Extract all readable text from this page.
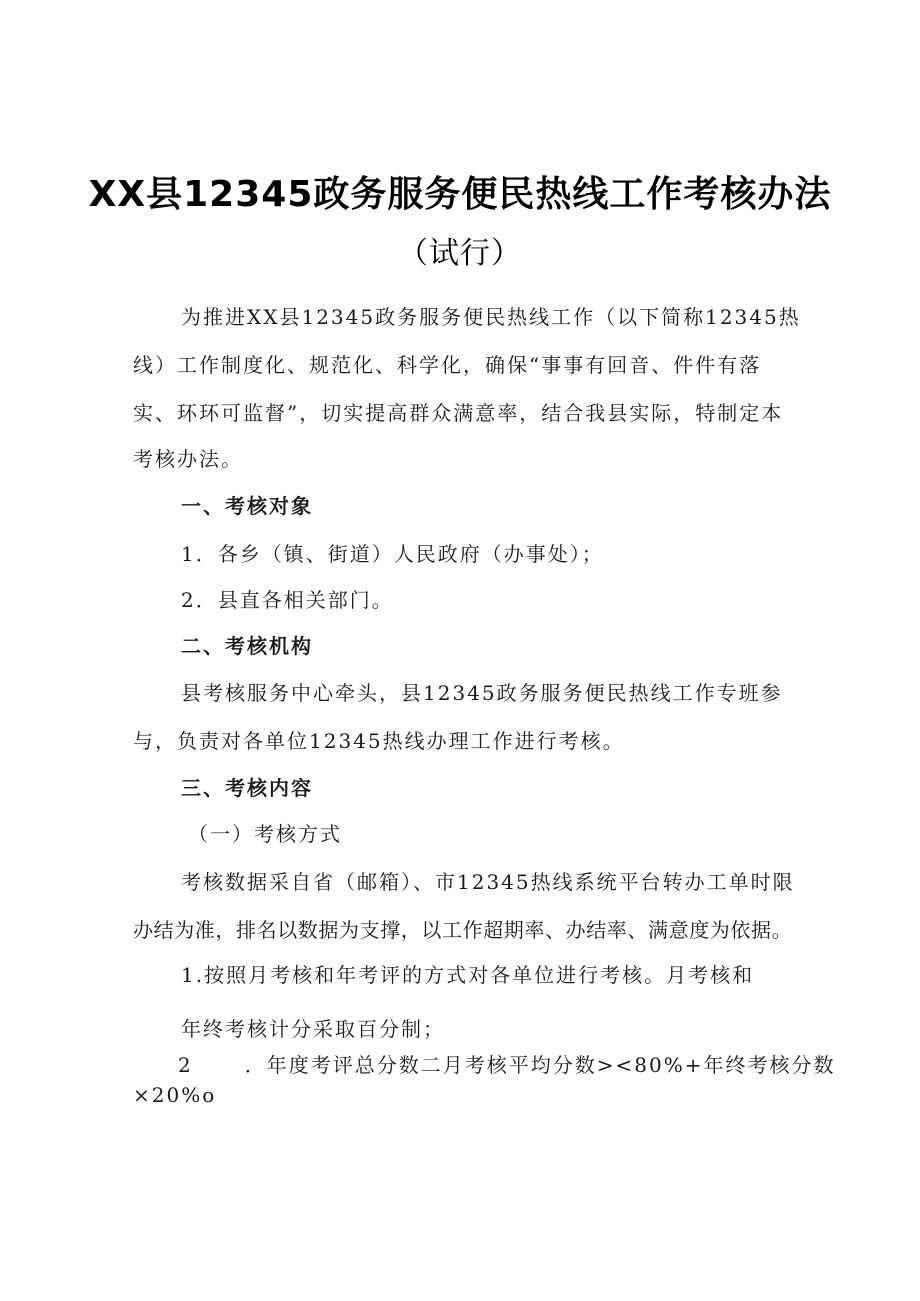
XX县12345政务服务便民热线工作考核办法
（试行）
为推进XX县12345政务服务便民热线工作（以下简称12345热
线）工作制度化、规范化、科学化，确保“事事有回音、件件有落
实、环环可监督”，切实提高群众满意率，结合我县实际，特制定本
考核办法。
一、考核对象
1．各乡（镇、街道）人民政府（办事处）；
2．县直各相关部门。
二、考核机构
县考核服务中心牵头，县12345政务服务便民热线工作专班参
与，负责对各单位12345热线办理工作进行考核。
三、考核内容
（一）考核方式
考核数据采自省（邮箱）、市12345热线系统平台转办工单时限
办结为准，排名以数据为支撑，以工作超期率、办结率、满意度为依据。
1.按照月考核和年考评的方式对各单位进行考核。月考核和
年终考核计分采取百分制；
2	．年度考评总分数二月考核平均分数><80%+年终考核分数
×20%o
